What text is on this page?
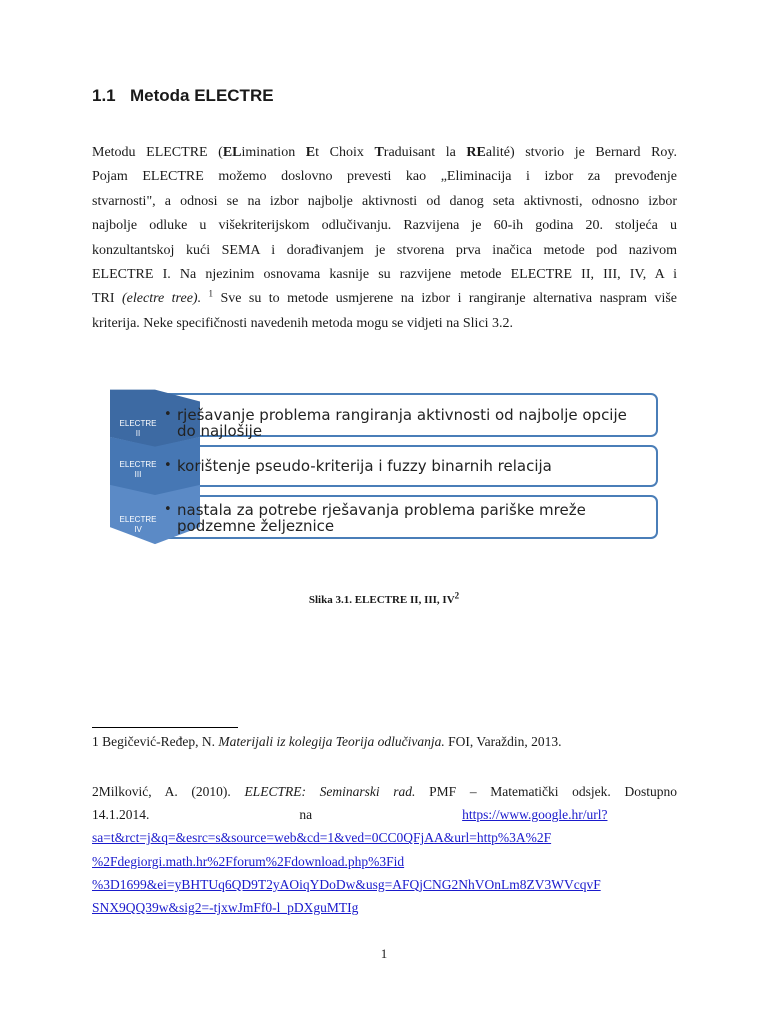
1.1 Metoda ELECTRE
Metodu ELECTRE (ELimination Et Choix Traduisant la REalité) stvorio je Bernard Roy.
Pojam ELECTRE možemo doslovno prevesti kao „Eliminacija i izbor za prevođenje
stvarnosti", a odnosi se na izbor najbolje aktivnosti od danog seta aktivnosti, odnosno izbor
najbolje odluke u višekriterijskom odlučivanju. Razvijena je 60-ih godina 20. stoljeća u
konzultantskoj kući SEMA i dorađivanjem je stvorena prva inačica metode pod nazivom
ELECTRE I. Na njezinim osnovama kasnije su razvijene metode ELECTRE II, III, IV, A i
TRI (electre tree). $^1$ Sve su to metode usmjerene na izbor i rangiranje alternativa naspram više
kriterija. Neke specifičnosti navedenih metoda mogu se vidjeti na Slici 3.2.
ELECTRE
II
• rješavanje problema rangiranja aktivnosti od najbolje opcije do najlošije
ELECTRE
III
• korištenje pseudo-kriterija i fuzzy binarnih relacija
ELECTRE
IV
• nastala za potrebe rješavanja problema pariške mreže podzemne željeznice
Slika 3.1. ELECTRE II, III, $IV^2$
1 Begičević-Ređep, N. Materijali iz kolegija Teorija odlučivanja. FOI, Varaždin, 2013.
2Milković, A. (2010). ELECTRE: Seminarski rad. PMF – Matematički odsjek. Dostupno
14.1.2014.	na	https://www.google.hr/url?
sa=t&rct=j&q=&esrc=s&source=web&cd=1&ved=0CC0QFjAA&url=http%3A%2F
%2Fdegiorgi.math.hr%2Fforum%2Fdownload.php%3Fid
%3D1699&ei=yBHTUq6QD9T2yAOiqYDoDw&usg=AFQjCNG2NhVOnLm8ZV3WVcqvF
SNX9QQ39w&sig2=-tjxwJmFf0-l_pDXguMTIg
1
